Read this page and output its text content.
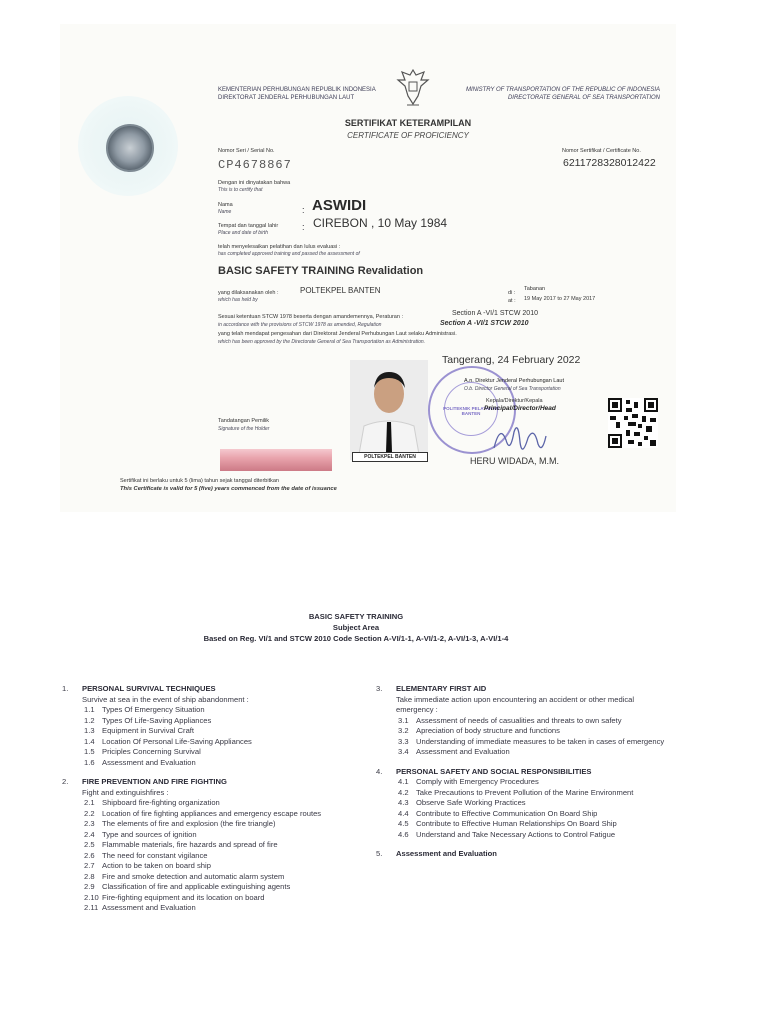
KEMENTERIAN PERHUBUNGAN REPUBLIK INDONESIA
DIREKTORAT JENDERAL PERHUBUNGAN LAUT
MINISTRY OF TRANSPORTATION OF THE REPUBLIC OF INDONESIA
DIRECTORATE GENERAL OF SEA TRANSPORTATION
SERTIFIKAT KETERAMPILAN
CERTIFICATE OF PROFICIENCY
Nomor Seri / Serial No.
CP4678867
Nomor Sertifikat / Certificate No.
6211728328012422
Dengan ini dinyatakan bahwa
This is to certify that
Nama
Name	: ASWIDI
Tempat dan tanggal lahir
Place and date of birth
: CIREBON , 10 May 1984
telah menyelesaikan pelatihan dan lulus evaluasi :
has completed approved training and passed the assessment of
BASIC SAFETY TRAINING Revalidation
yang dilaksanakan oleh :
which has held by
POLTEKPEL BANTEN	di :
Tabanan
at : 19 May 2017 to 27 May 2017
Sesuai ketentuan STCW 1978 beserta dengan amandemennya, Peraturan :	Section A -VI/1 STCW 2010
in accordance with the provisions of STCW 1978 as amended, Regulation	Section A -VI/1 STCW 2010
yang telah mendapat pengesahan dari Direktorat Jenderal Perhubungan Laut selaku Administrasi.
which has been approved by the Directorate General of Sea Transportation as Administration.
Tangerang, 24 February 2022
POLTEKPEL BANTEN
POLITEKNIK PELAYARAN BANTEN
A.n. Direktur Jenderal Perhubungan Laut
O.b. Director General of Sea Transportation
Kepala/Direktur/Kepala
Principal/Director/Head
HERU WIDADA, M.M.
Tandatangan Pemilik
Signature of the Holder
Sertifikat ini berlaku untuk 5 (lima) tahun sejak tanggal diterbitkan
This Certificate is valid for 5 (five) years commenced from the date of issuance
BASIC SAFETY TRAINING
Subject Area
Based on Reg. VI/1 and STCW 2010 Code Section A-VI/1-1, A-VI/1-2, A-VI/1-3, A-VI/1-4
1. PERSONAL SURVIVAL TECHNIQUES
Survive at sea in the event of ship abandonment :
1.1 Types Of Emergency Situation
1.2 Types Of Life-Saving Appliances
1.3 Equipment in Survival Craft
1.4 Location Of Personal Life-Saving Appliances
1.5 Priciples Concerning Survival
1.6 Assessment and Evaluation
2. FIRE PREVENTION AND FIRE FIGHTING
Fight and extinguishfires :
2.1 Shipboard fire-fighting organization
2.2 Location of fire fighting appliances and emergency escape routes
2.3 The elements of fire and explosion (the fire triangle)
2.4 Type and sources of ignition
2.5 Flammable materials, fire hazards and spread of fire
2.6 The need for constant vigilance
2.7 Action to be taken on board ship
2.8 Fire and smoke detection and automatic alarm system
2.9 Classification of fire and applicable extinguishing agents
2.10 Fire-fighting equipment and its location on board
2.11 Assessment and Evaluation
3. ELEMENTARY FIRST AID
Take immediate action upon encountering an accident or other medical emergency :
3.1 Assessment of needs of casualities and threats to own safety
3.2 Apreciation of body structure and functions
3.3 Understanding of immediate measures to be taken in cases of emergency
3.4 Assessment and Evaluation
4. PERSONAL SAFETY AND SOCIAL RESPONSIBILITIES
4.1 Comply with Emergency Procedures
4.2 Take Precautions to Prevent Pollution of the Marine Environment
4.3 Observe Safe Working Practices
4.4 Contribute to Effective Communication On Board Ship
4.5 Contribute to Effective Human Relationships On Board Ship
4.6 Understand and Take Necessary Actions to Control Fatigue
5. Assessment and Evaluation
